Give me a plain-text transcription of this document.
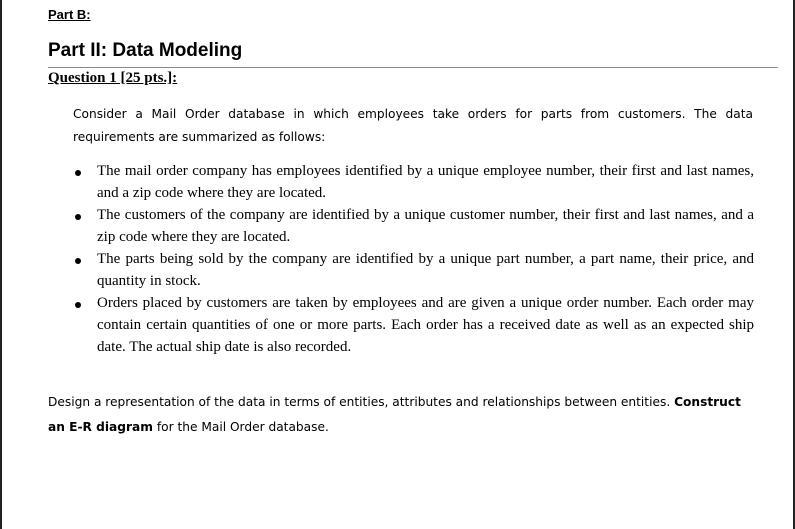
Part B:
Part II: Data Modeling
Question 1 [25 pts.]:

Consider a Mail Order database in which employees take orders for parts from customers. The data requirements are summarized as follows:

The mail order company has employees identified by a unique employee number, their first and last names, and a zip code where they are located.
The customers of the company are identified by a unique customer number, their first and last names, and a zip code where they are located.
The parts being sold by the company are identified by a unique part number, a part name, their price, and quantity in stock.
Orders placed by customers are taken by employees and are given a unique order number. Each order may contain certain quantities of one or more parts. Each order has a received date as well as an expected ship date. The actual ship date is also recorded.

Design a representation of the data in terms of entities, attributes and relationships between entities. Construct an E-R diagram for the Mail Order database.
